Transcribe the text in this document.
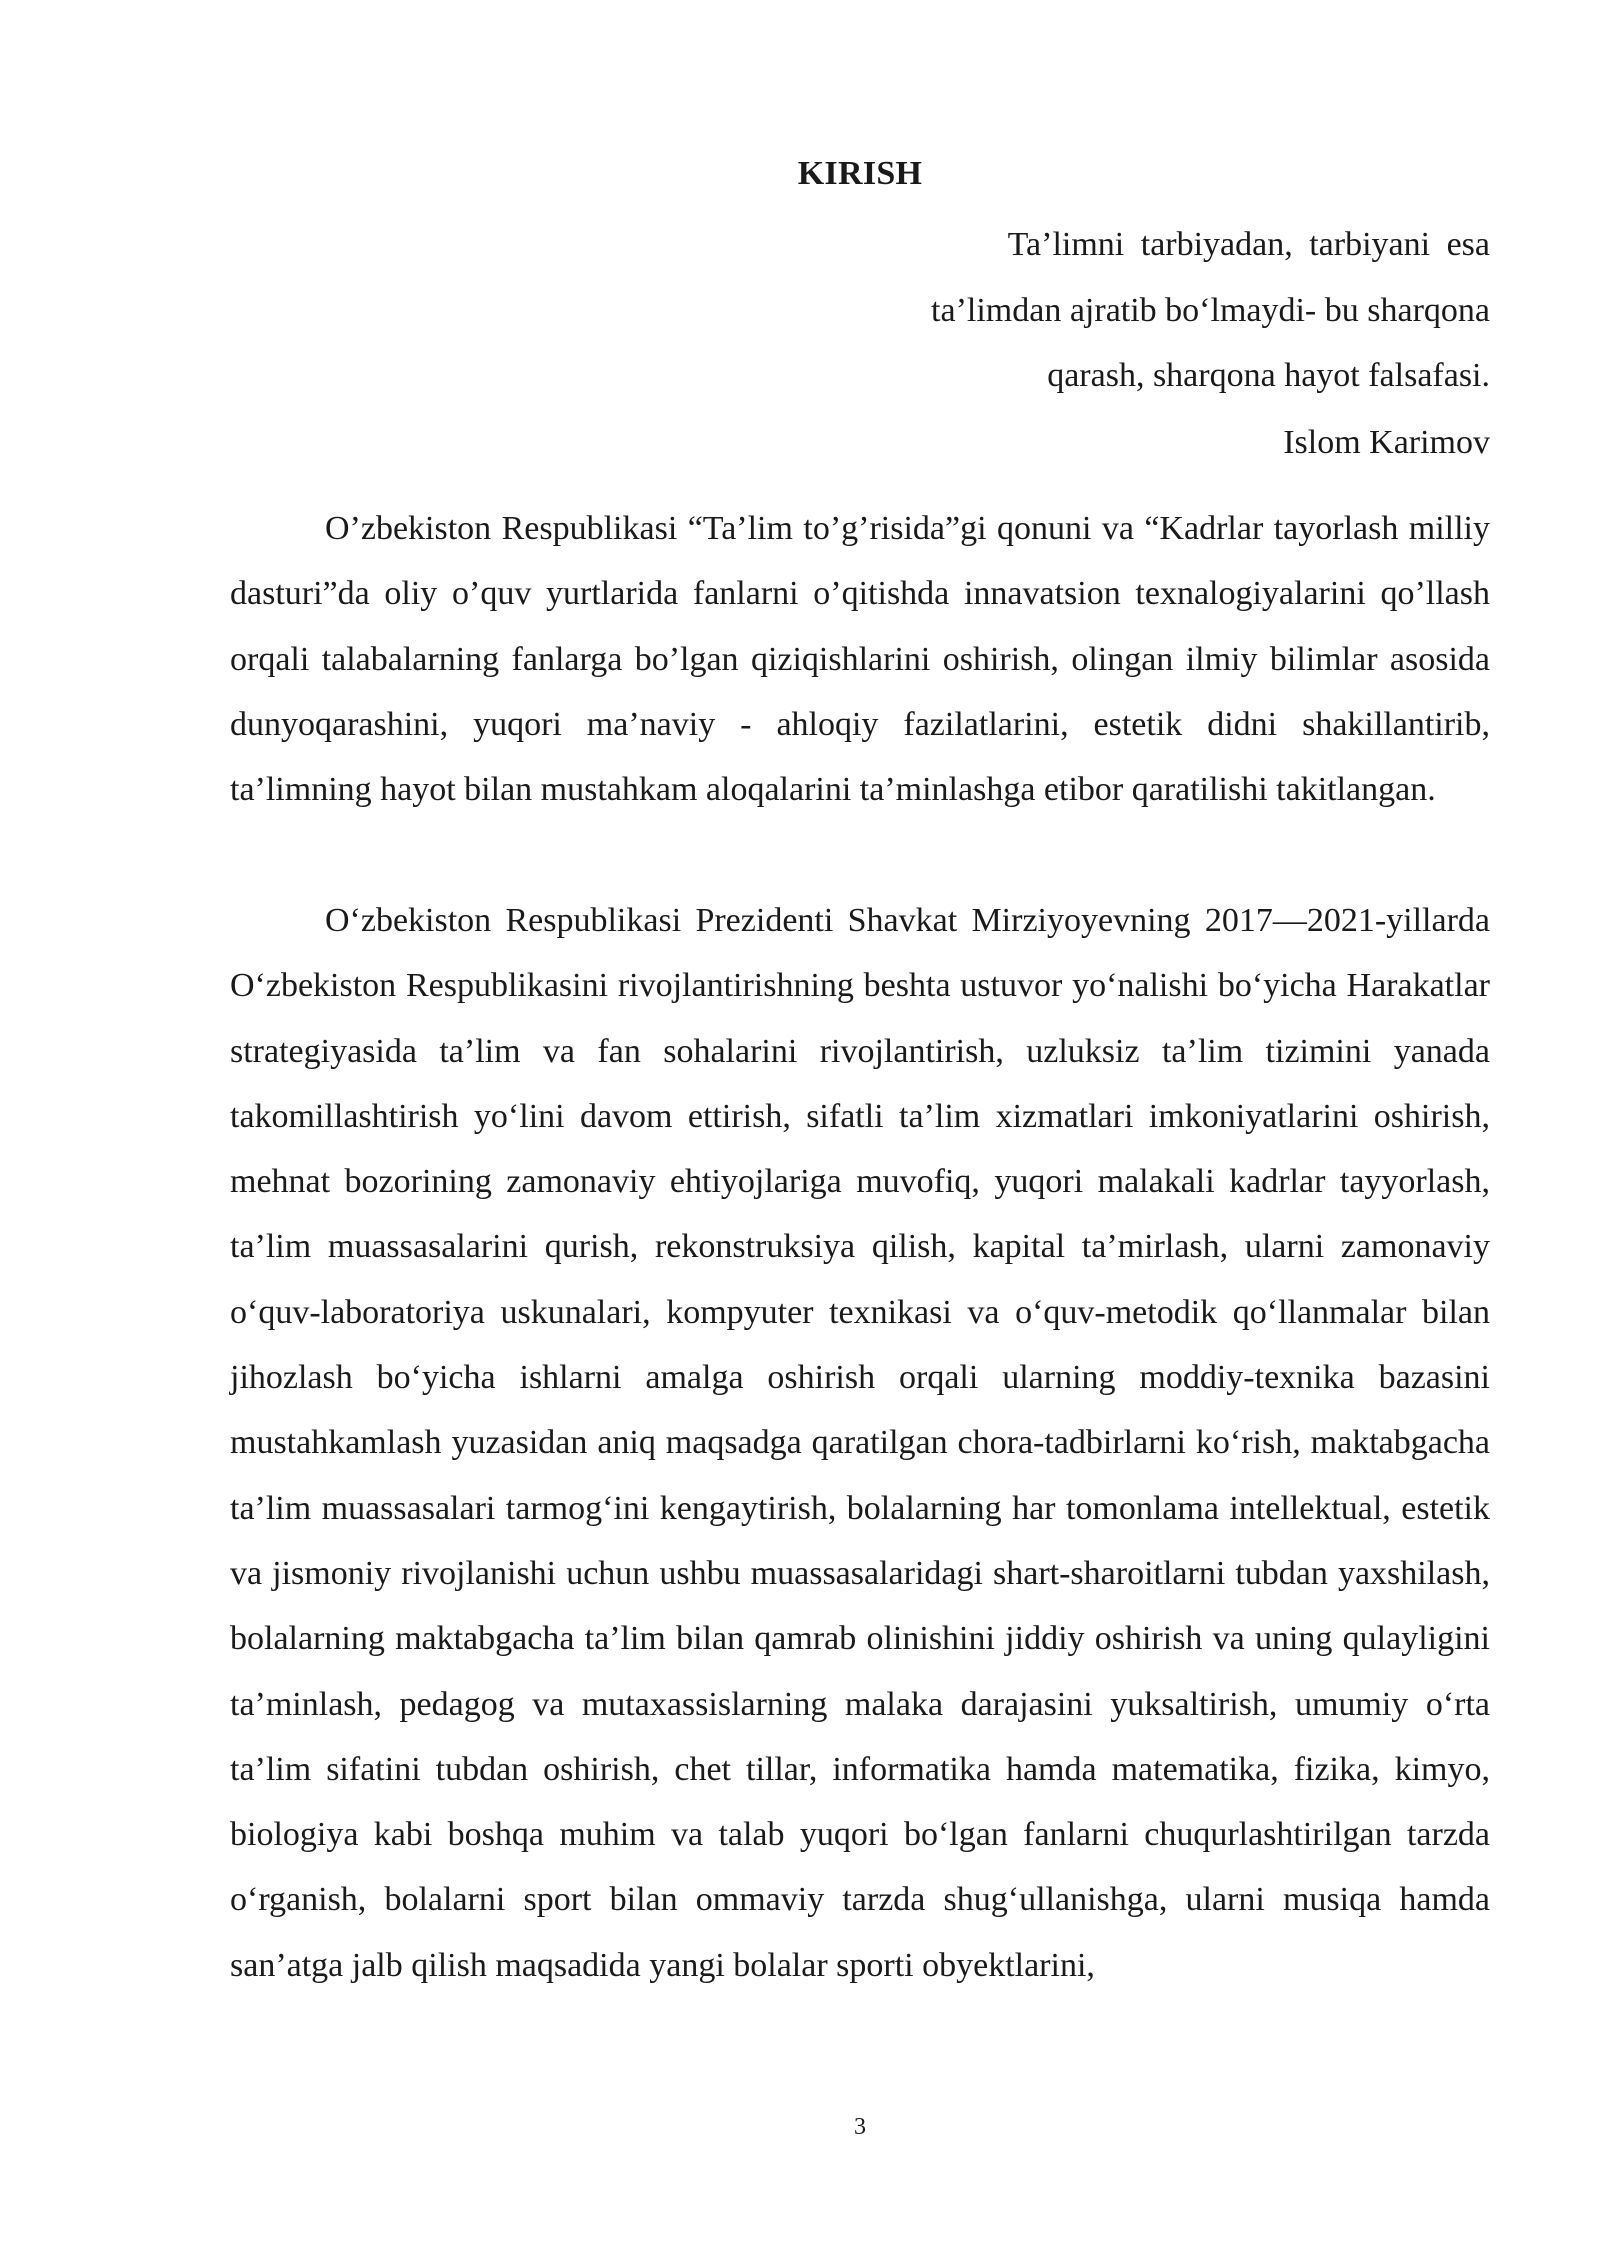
KIRISH
Ta’limni tarbiyadan, tarbiyani esa
ta’limdan ajratib bo‘lmaydi- bu sharqona
qarash, sharqona hayot falsafasi.
Islom Karimov

O’zbekiston Respublikasi “Ta’lim to’g’risida”gi qonuni va “Kadrlar tayorlash milliy dasturi”da oliy o’quv yurtlarida fanlarni o’qitishda innavatsion texnalogiyalarini qo’llash orqali talabalarning fanlarga bo’lgan qiziqishlarini oshirish, olingan ilmiy bilimlar asosida dunyoqarashini, yuqori ma’naviy - ahloqiy fazilatlarini, estetik didni shakillantirib, ta’limning hayot bilan mustahkam aloqalarini ta’minlashga etibor qaratilishi takitlangan.

O‘zbekiston Respublikasi Prezidenti Shavkat Mirziyoyevning 2017—2021-yillarda O‘zbekiston Respublikasini rivojlantirishning beshta ustuvor yo‘nalishi bo‘yicha Harakatlar strategiyasida ta’lim va fan sohalarini rivojlantirish, uzluksiz ta’lim tizimini yanada takomillashtirish yo‘lini davom ettirish, sifatli ta’lim xizmatlari imkoniyatlarini oshirish, mehnat bozorining zamonaviy ehtiyojlariga muvofiq, yuqori malakali kadrlar tayyorlash, ta’lim muassasalarini qurish, rekonstruksiya qilish, kapital ta’mirlash, ularni zamonaviy o‘quv-laboratoriya uskunalari, kompyuter texnikasi va o‘quv-metodik qo‘llanmalar bilan jihozlash bo‘yicha ishlarni amalga oshirish orqali ularning moddiy-texnika bazasini mustahkamlash yuzasidan aniq maqsadga qaratilgan chora-tadbirlarni ko‘rish, maktabgacha ta’lim muassasalari tarmog‘ini kengaytirish, bolalarning har tomonlama intellektual, estetik va jismoniy rivojlanishi uchun ushbu muassasalaridagi shart-sharoitlarni tubdan yaxshilash, bolalarning maktabgacha ta’lim bilan qamrab olinishini jiddiy oshirish va uning qulayligini ta’minlash, pedagog va mutaxassislarning malaka darajasini yuksaltirish, umumiy o‘rta ta’lim sifatini tubdan oshirish, chet tillar, informatika hamda matematika, fizika, kimyo, biologiya kabi boshqa muhim va talab yuqori bo‘lgan fanlarni chuqurlashtirilgan tarzda o‘rganish, bolalarni sport bilan ommaviy tarzda shug‘ullanishga, ularni musiqa hamda san’atga jalb qilish maqsadida yangi bolalar sporti obyektlarini,

3
